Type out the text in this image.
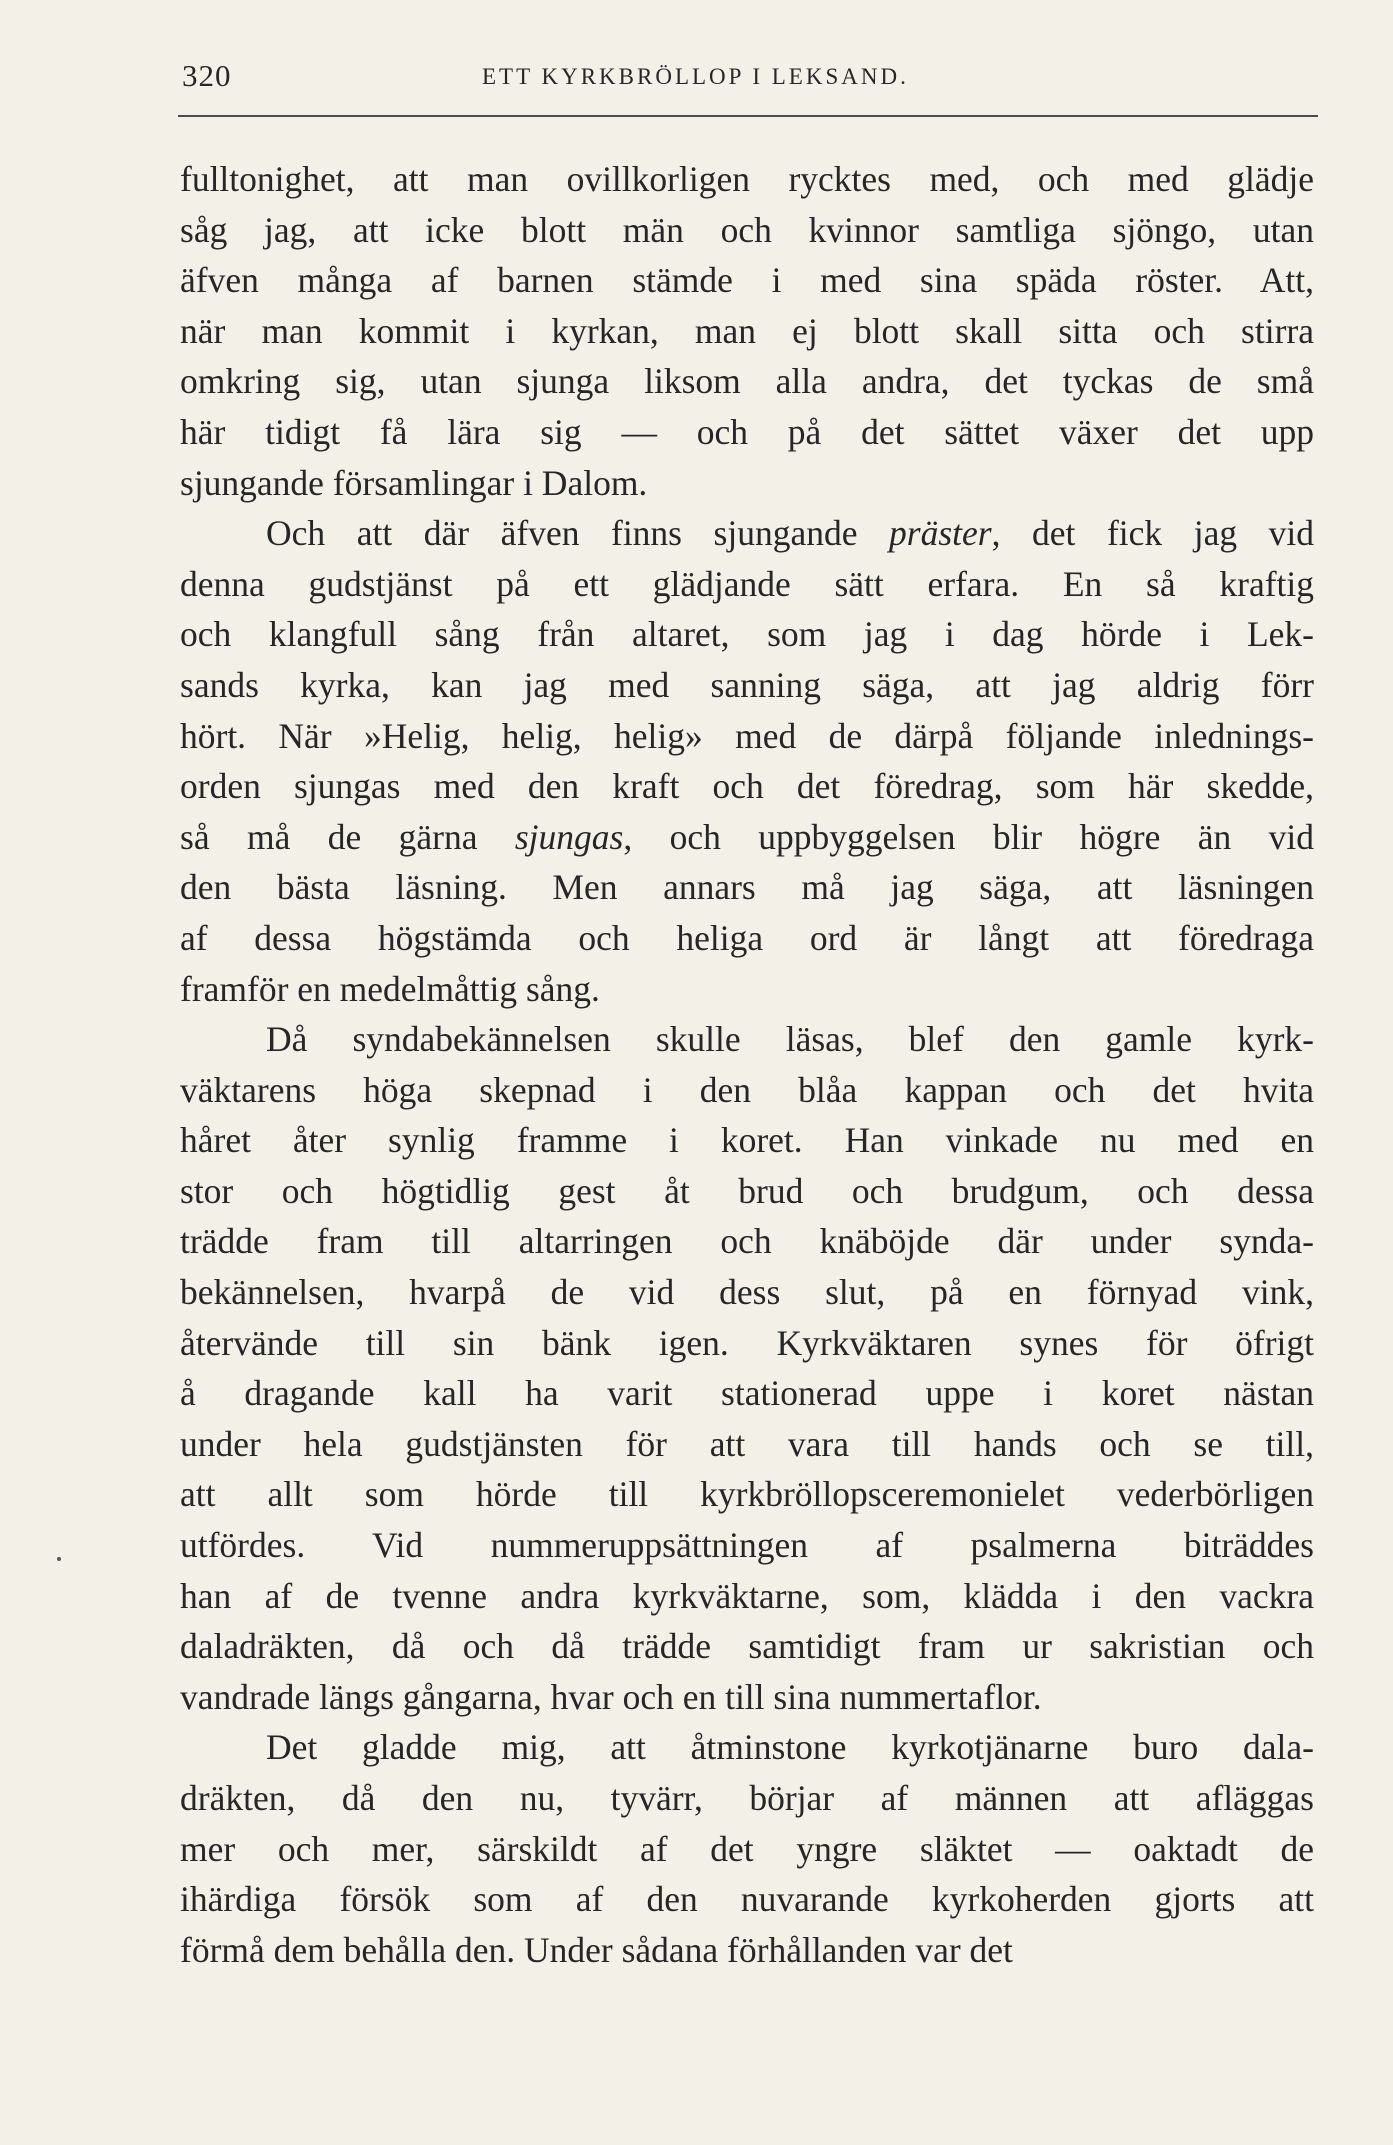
320	ETT KYRKBRÖLLOP I LEKSAND.
fulltonighet, att man ovillkorligen rycktes med, och med glädje
såg jag, att icke blott män och kvinnor samtliga sjöngo, utan
äfven många af barnen stämde i med sina späda röster. Att,
när man kommit i kyrkan, man ej blott skall sitta och stirra
omkring sig, utan sjunga liksom alla andra, det tyckas de små
här tidigt få lära sig — och på det sättet växer det upp
sjungande församlingar i Dalom.
Och att där äfven finns sjungande präster, det fick jag vid
denna gudstjänst på ett glädjande sätt erfara. En så kraftig
och klangfull sång från altaret, som jag i dag hörde i Lek-
sands kyrka, kan jag med sanning säga, att jag aldrig förr
hört. När »Helig, helig, helig» med de därpå följande inlednings-
orden sjungas med den kraft och det föredrag, som här skedde,
så må de gärna sjungas, och uppbyggelsen blir högre än vid
den bästa läsning. Men annars må jag säga, att läsningen
af dessa högstämda och heliga ord är långt att föredraga
framför en medelmåttig sång.
Då syndabekännelsen skulle läsas, blef den gamle kyrk-
väktarens höga skepnad i den blåa kappan och det hvita
håret åter synlig framme i koret. Han vinkade nu med en
stor och högtidlig gest åt brud och brudgum, och dessa
trädde fram till altarringen och knäböjde där under synda-
bekännelsen, hvarpå de vid dess slut, på en förnyad vink,
återvände till sin bänk igen. Kyrkväktaren synes för öfrigt
å dragande kall ha varit stationerad uppe i koret nästan
under hela gudstjänsten för att vara till hands och se till,
att allt som hörde till kyrkbröllopsceremonielet vederbörligen
utfördes. Vid nummeruppsättningen af psalmerna biträddes
han af de tvenne andra kyrkväktarne, som, klädda i den vackra
daladräkten, då och då trädde samtidigt fram ur sakristian och
vandrade längs gångarna, hvar och en till sina nummertaflor.
Det gladde mig, att åtminstone kyrkotjänarne buro dala-
dräkten, då den nu, tyvärr, börjar af männen att afläggas
mer och mer, särskildt af det yngre släktet — oaktadt de
ihärdiga försök som af den nuvarande kyrkoherden gjorts att
förmå dem behålla den. Under sådana förhållanden var det
